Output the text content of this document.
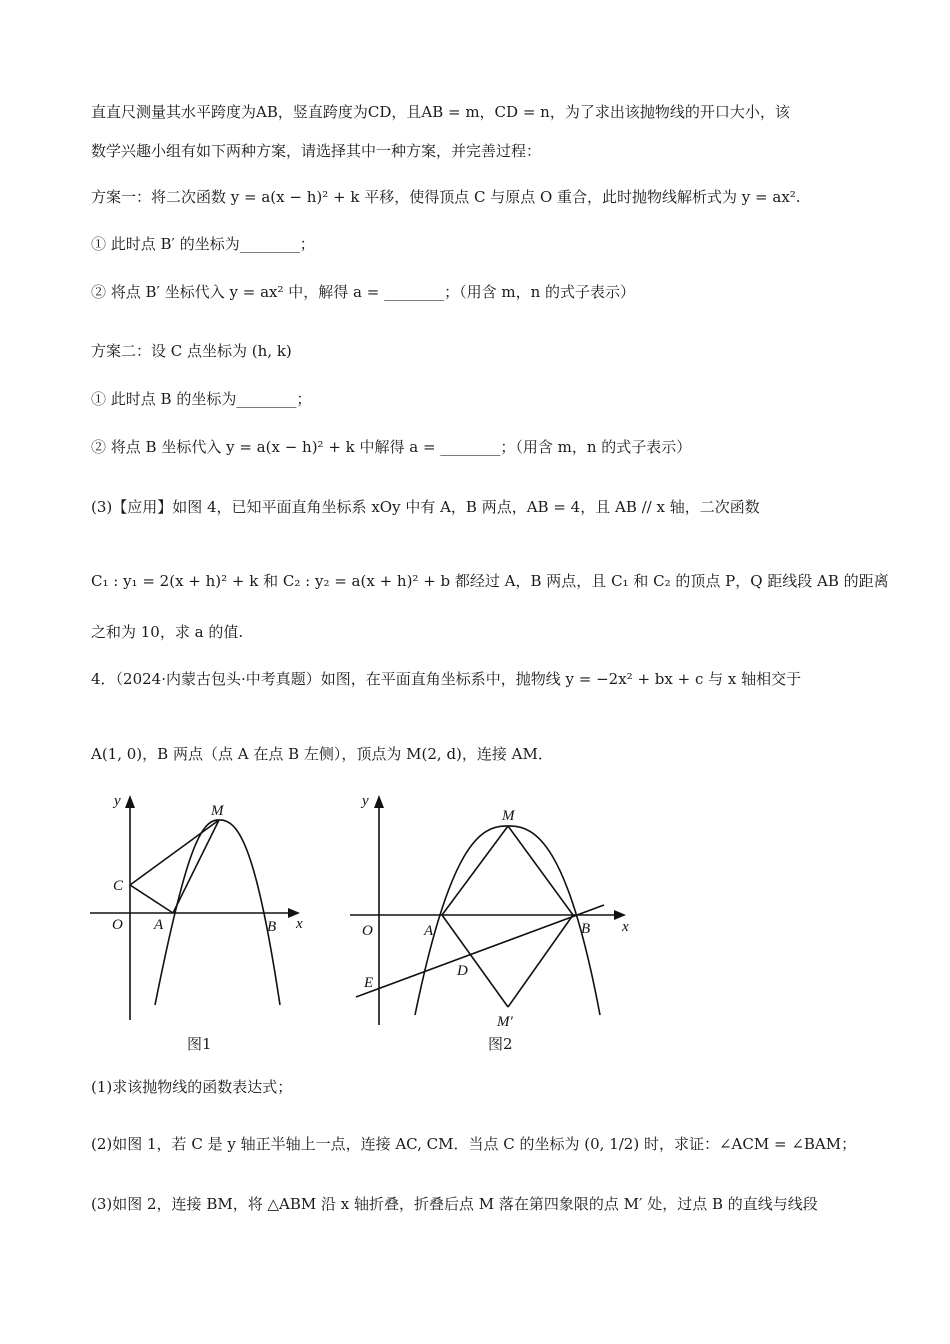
直直尺测量其水平跨度为AB，竖直跨度为CD，且AB = m，CD = n，为了求出该抛物线的开口大小，该
数学兴趣小组有如下两种方案，请选择其中一种方案，并完善过程：
方案一：将二次函数 y = a(x − h)² + k 平移，使得顶点 C 与原点 O 重合，此时抛物线解析式为 y = ax².
① 此时点 B′ 的坐标为________；
② 将点 B′ 坐标代入 y = ax² 中，解得 a = ________；（用含 m，n 的式子表示）
方案二：设 C 点坐标为 (h, k)
① 此时点 B 的坐标为________；
② 将点 B 坐标代入 y = a(x − h)² + k 中解得 a = ________；（用含 m，n 的式子表示）
(3)【应用】如图 4，已知平面直角坐标系 xOy 中有 A，B 两点，AB = 4，且 AB // x 轴，二次函数
C₁ : y₁ = 2(x + h)² + k 和 C₂ : y₂ = a(x + h)² + b 都经过 A，B 两点，且 C₁ 和 C₂ 的顶点 P，Q 距线段 AB 的距离
之和为 10，求 a 的值.
4．（2024·内蒙古包头·中考真题）如图，在平面直角坐标系中，抛物线 y = −2x² + bx + c 与 x 轴相交于
A(1, 0)，B 两点（点 A 在点 B 左侧），顶点为 M(2, d)，连接 AM．
(1)求该抛物线的函数表达式；
(2)如图 1，若 C 是 y 轴正半轴上一点，连接 AC, CM．当点 C 的坐标为 (0, 1/2) 时，求证：∠ACM = ∠BAM；
(3)如图 2，连接 BM，将 △ABM 沿 x 轴折叠，折叠后点 M 落在第四象限的点 M′ 处，过点 B 的直线与线段
y
x
O A	B
C
M
图1
y
x
O	A	B
D
E
M
M′
图2
